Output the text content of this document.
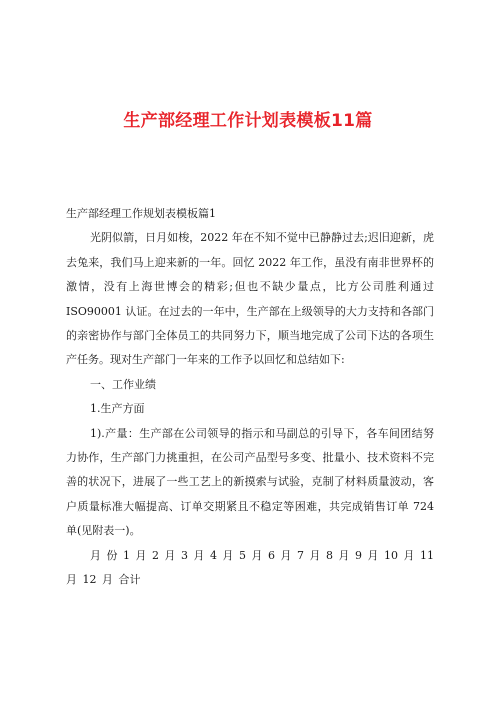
生产部经理工作计划表模板11篇

生产部经理工作规划表模板篇1

光阴似箭，日月如梭，2022 年在不知不觉中已静静过去;迟旧迎新，虎去兔来，我们马上迎来新的一年。回忆 2022 年工作，虽没有南非世界杯的激情，没有上海世博会的精彩;但也不缺少量点，比方公司胜利通过 ISO90001 认证。在过去的一年中，生产部在上级领导的大力支持和各部门的亲密协作与部门全体员工的共同努力下，顺当地完成了公司下达的各项生产任务。现对生产部门一年来的工作予以回忆和总结如下:

一、工作业绩

1.生产方面

1).产量：生产部在公司领导的指示和马副总的引导下，各车间团结努力协作，生产部门力挑重担，在公司产品型号多变、批量小、技术资料不完善的状况下，进展了一些工艺上的新摸索与试验，克制了材料质量波动，客户质量标准大幅提高、订单交期紧且不稳定等困难，共完成销售订单 724 单(见附表一)。

月 份 1 月 2 月 3 月 4 月 5 月 6 月 7 月 8 月 9 月 10 月 11 月 12 月 合计
